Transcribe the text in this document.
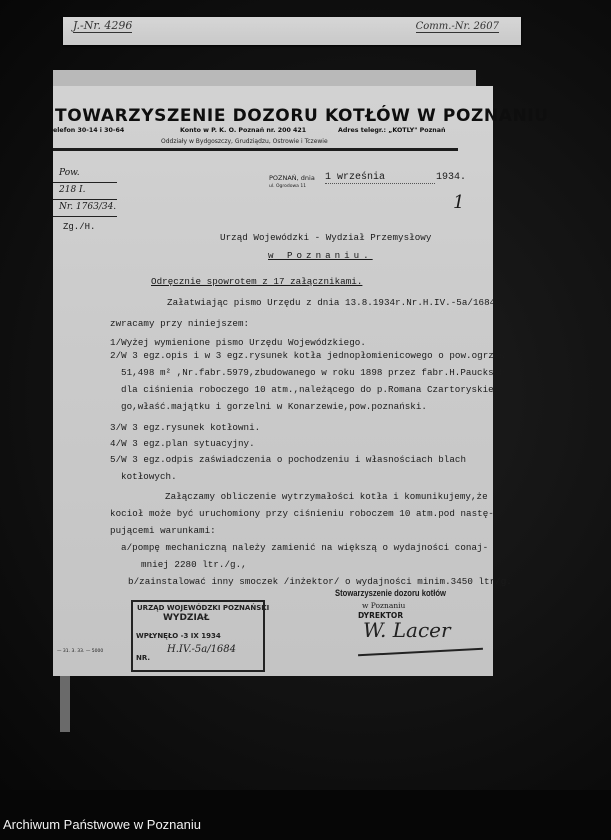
J.-Nr. 4296	Comm.-Nr. 2607
TOWARZYSZENIE DOZORU KOTŁÓW W POZNANIU
elefon 30-14 i 30-64	Konto w P. K. O. Poznań nr. 200 421	Adres telegr.: „KOTLY" Poznań
Oddziały w Bydgoszczy, Grudziądzu, Ostrowie i Tczewie
Pow.
218 I.
Nr. 1763/34.
Zg./H.
POZNAŃ, dnia
ul. Ogrodowa 11
1 września	1934.
1
Urząd Wojewódzki - Wydział Przemysłowy
w Poznaniu.
Odręcznie spowrotem z 17 załącznikami.
Załatwiając pismo Urzędu z dnia 13.8.1934r.Nr.H.IV.-5a/1684
zwracamy przy niniejszem:
1/Wyżej wymienione pismo Urzędu Wojewódzkiego.
2/W 3 egz.opis i w 3 egz.rysunek kotła jednopłomienicowego o pow.ogrzew
51,498 m² ,Nr.fabr.5979,zbudowanego w roku 1898 przez fabr.H.Paucksch
dla ciśnienia roboczego 10 atm.,należącego do p.Romana Czartoryskie
go,właść.majątku i gorzelni w Konarzewie,pow.poznański.
3/W 3 egz.rysunek kotłowni.
4/W 3 egz.plan sytuacyjny.
5/W 3 egz.odpis zaświadczenia o pochodzeniu i własnościach blach
kotłowych.
Załączamy obliczenie wytrzymałości kotła i komunikujemy,że
kocioł może być uruchomiony przy ciśnieniu roboczem 10 atm.pod nastę-
pującemi warunkami:
a/pompę mechaniczną należy zamienić na większą o wydajności conaj-
mniej 2280 ltr./g.,
b/zainstalować inny smoczek /inżektor/ o wydajności minim.3450 ltr/g.
Stowarzyszenie dozoru kotłów
w Poznaniu
DYREKTOR
W. Lacer
URZĄD WOJEWÓDZKI POZNAŃSKI
WYDZIAŁ
WPŁYNĘŁO -3 IX 1934
H.IV.-5a/1684
NR.
— 31. 3. 33. — 5000
Archiwum Państwowe w Poznaniu
